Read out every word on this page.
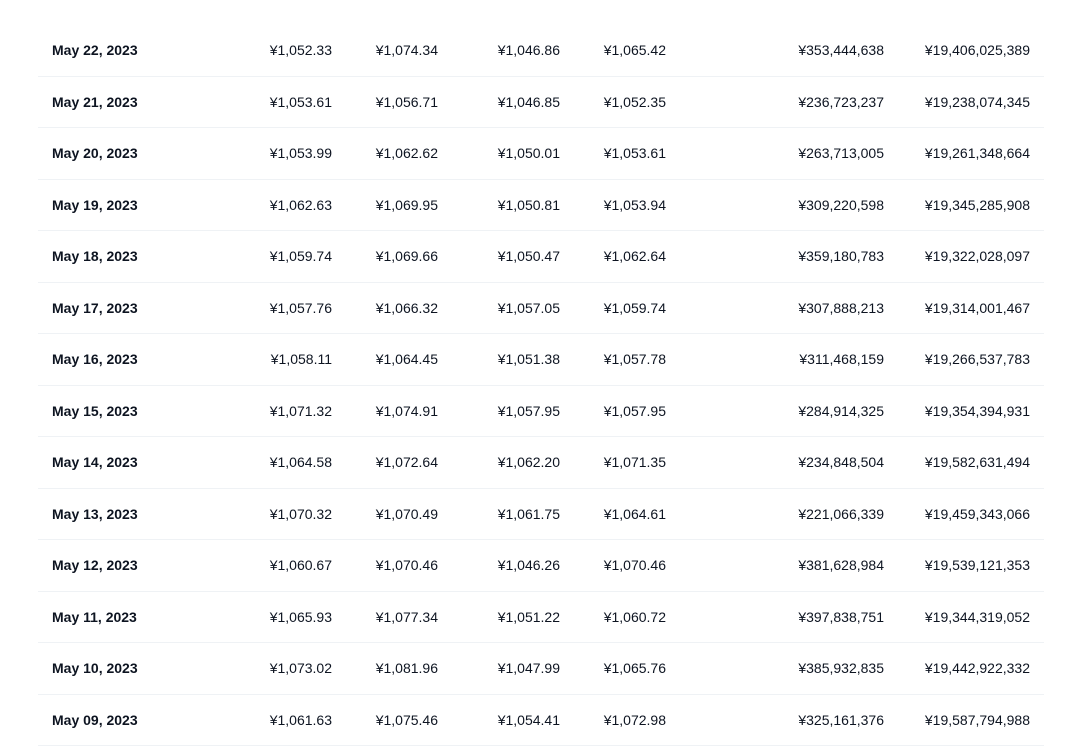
May 22, 2023	¥1,052.33	¥1,074.34	¥1,046.86	¥1,065.42	¥353,444,638	¥19,406,025,389
May 21, 2023	¥1,053.61	¥1,056.71	¥1,046.85	¥1,052.35	¥236,723,237	¥19,238,074,345
May 20, 2023	¥1,053.99	¥1,062.62	¥1,050.01	¥1,053.61	¥263,713,005	¥19,261,348,664
May 19, 2023	¥1,062.63	¥1,069.95	¥1,050.81	¥1,053.94	¥309,220,598	¥19,345,285,908
May 18, 2023	¥1,059.74	¥1,069.66	¥1,050.47	¥1,062.64	¥359,180,783	¥19,322,028,097
May 17, 2023	¥1,057.76	¥1,066.32	¥1,057.05	¥1,059.74	¥307,888,213	¥19,314,001,467
May 16, 2023	¥1,058.11	¥1,064.45	¥1,051.38	¥1,057.78	¥311,468,159	¥19,266,537,783
May 15, 2023	¥1,071.32	¥1,074.91	¥1,057.95	¥1,057.95	¥284,914,325	¥19,354,394,931
May 14, 2023	¥1,064.58	¥1,072.64	¥1,062.20	¥1,071.35	¥234,848,504	¥19,582,631,494
May 13, 2023	¥1,070.32	¥1,070.49	¥1,061.75	¥1,064.61	¥221,066,339	¥19,459,343,066
May 12, 2023	¥1,060.67	¥1,070.46	¥1,046.26	¥1,070.46	¥381,628,984	¥19,539,121,353
May 11, 2023	¥1,065.93	¥1,077.34	¥1,051.22	¥1,060.72	¥397,838,751	¥19,344,319,052
May 10, 2023	¥1,073.02	¥1,081.96	¥1,047.99	¥1,065.76	¥385,932,835	¥19,442,922,332
May 09, 2023	¥1,061.63	¥1,075.46	¥1,054.41	¥1,072.98	¥325,161,376	¥19,587,794,988
